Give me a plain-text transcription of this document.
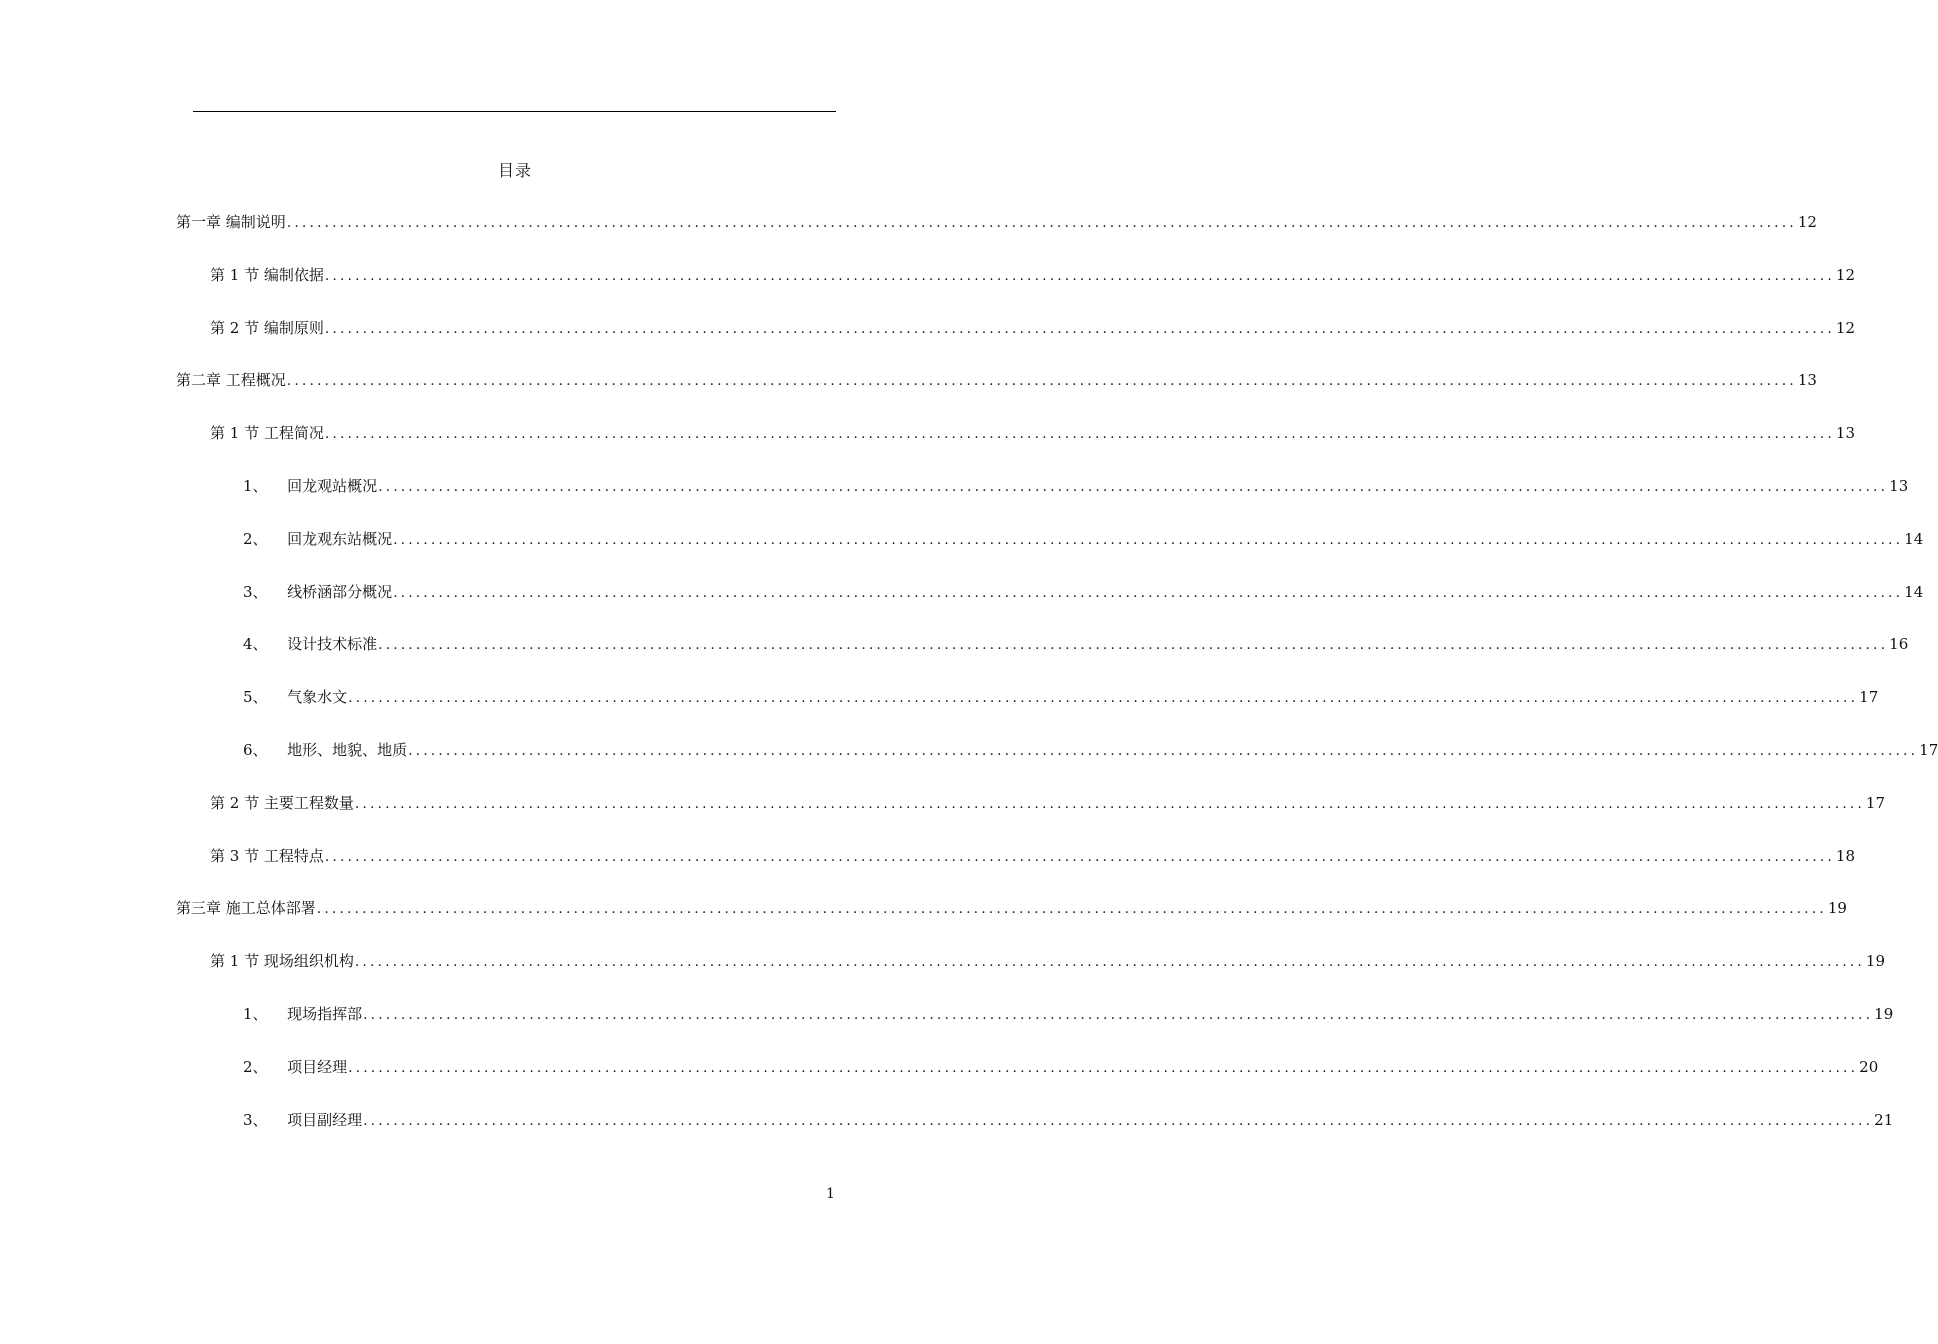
目录
第一章 编制说明 ........................................................................................................................................................................................................ 12
第 1 节 编制依据 ........................................................................................................................................................................................................ 12
第 2 节 编制原则 ........................................................................................................................................................................................................ 12
第二章 工程概况 ........................................................................................................................................................................................................ 13
第 1 节 工程简况 ........................................................................................................................................................................................................ 13
1、 回龙观站概况 ........................................................................................................................................................................................................ 13
2、 回龙观东站概况 ........................................................................................................................................................................................................ 14
3、 线桥涵部分概况 ........................................................................................................................................................................................................ 14
4、 设计技术标准 ........................................................................................................................................................................................................ 16
5、 气象水文 ........................................................................................................................................................................................................ 17
6、 地形、地貌、地质 ........................................................................................................................................................................................................ 17
第 2 节 主要工程数量 ........................................................................................................................................................................................................ 17
第 3 节 工程特点 ........................................................................................................................................................................................................ 18
第三章 施工总体部署 ........................................................................................................................................................................................................ 19
第 1 节 现场组织机构 ........................................................................................................................................................................................................ 19
1、 现场指挥部 ........................................................................................................................................................................................................ 19
2、 项目经理 ........................................................................................................................................................................................................ 20
3、 项目副经理 ........................................................................................................................................................................................................ 21
1
